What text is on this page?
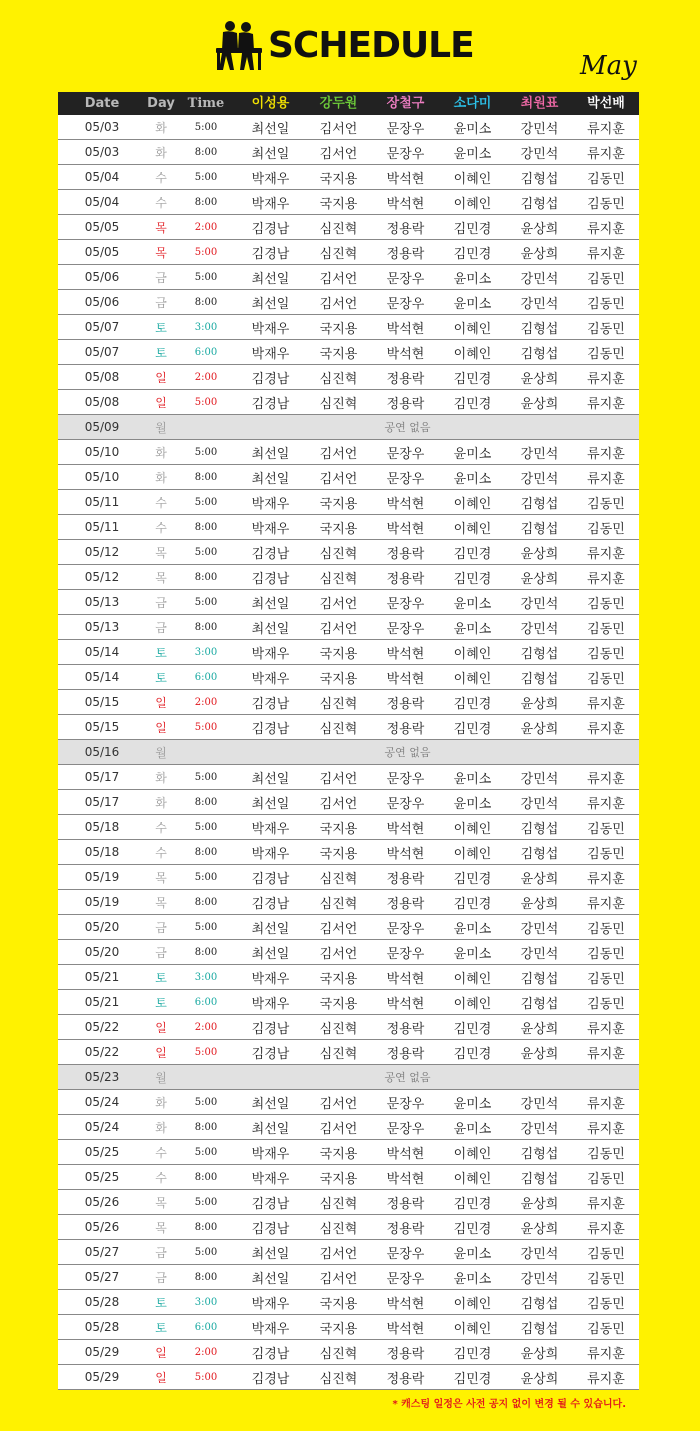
SCHEDULE	May
Date	Day Time	이성용	강두원	장철구	소다미	최원표	박선배
05/03	화	5:00	최선일	김서언	문장우	윤미소	강민석	류지훈
05/03	화	8:00	최선일	김서언	문장우	윤미소	강민석	류지훈
05/04	수	5:00	박재우	국지용	박석현	이혜인	김형섭	김동민
05/04	수	8:00	박재우	국지용	박석현	이혜인	김형섭	김동민
05/05	목	2:00	김경남	심진혁	정용락	김민경	윤상희	류지훈
05/05	목	5:00	김경남	심진혁	정용락	김민경	윤상희	류지훈
05/06	금	5:00	최선일	김서언	문장우	윤미소	강민석	김동민
05/06	금	8:00	최선일	김서언	문장우	윤미소	강민석	김동민
05/07	토	3:00	박재우	국지용	박석현	이혜인	김형섭	김동민
05/07	토	6:00	박재우	국지용	박석현	이혜인	김형섭	김동민
05/08	일	2:00	김경남	심진혁	정용락	김민경	윤상희	류지훈
05/08	일	5:00	김경남	심진혁	정용락	김민경	윤상희	류지훈
05/09	월	공연 없음
05/10	화	5:00	최선일	김서언	문장우	윤미소	강민석	류지훈
05/10	화	8:00	최선일	김서언	문장우	윤미소	강민석	류지훈
05/11	수	5:00	박재우	국지용	박석현	이혜인	김형섭	김동민
05/11	수	8:00	박재우	국지용	박석현	이혜인	김형섭	김동민
05/12	목	5:00	김경남	심진혁	정용락	김민경	윤상희	류지훈
05/12	목	8:00	김경남	심진혁	정용락	김민경	윤상희	류지훈
05/13	금	5:00	최선일	김서언	문장우	윤미소	강민석	김동민
05/13	금	8:00	최선일	김서언	문장우	윤미소	강민석	김동민
05/14	토	3:00	박재우	국지용	박석현	이혜인	김형섭	김동민
05/14	토	6:00	박재우	국지용	박석현	이혜인	김형섭	김동민
05/15	일	2:00	김경남	심진혁	정용락	김민경	윤상희	류지훈
05/15	일	5:00	김경남	심진혁	정용락	김민경	윤상희	류지훈
05/16	월	공연 없음
05/17	화	5:00	최선일	김서언	문장우	윤미소	강민석	류지훈
05/17	화	8:00	최선일	김서언	문장우	윤미소	강민석	류지훈
05/18	수	5:00	박재우	국지용	박석현	이혜인	김형섭	김동민
05/18	수	8:00	박재우	국지용	박석현	이혜인	김형섭	김동민
05/19	목	5:00	김경남	심진혁	정용락	김민경	윤상희	류지훈
05/19	목	8:00	김경남	심진혁	정용락	김민경	윤상희	류지훈
05/20	금	5:00	최선일	김서언	문장우	윤미소	강민석	김동민
05/20	금	8:00	최선일	김서언	문장우	윤미소	강민석	김동민
05/21	토	3:00	박재우	국지용	박석현	이혜인	김형섭	김동민
05/21	토	6:00	박재우	국지용	박석현	이혜인	김형섭	김동민
05/22	일	2:00	김경남	심진혁	정용락	김민경	윤상희	류지훈
05/22	일	5:00	김경남	심진혁	정용락	김민경	윤상희	류지훈
05/23	월	공연 없음
05/24	화	5:00	최선일	김서언	문장우	윤미소	강민석	류지훈
05/24	화	8:00	최선일	김서언	문장우	윤미소	강민석	류지훈
05/25	수	5:00	박재우	국지용	박석현	이혜인	김형섭	김동민
05/25	수	8:00	박재우	국지용	박석현	이혜인	김형섭	김동민
05/26	목	5:00	김경남	심진혁	정용락	김민경	윤상희	류지훈
05/26	목	8:00	김경남	심진혁	정용락	김민경	윤상희	류지훈
05/27	금	5:00	최선일	김서언	문장우	윤미소	강민석	김동민
05/27	금	8:00	최선일	김서언	문장우	윤미소	강민석	김동민
05/28	토	3:00	박재우	국지용	박석현	이혜인	김형섭	김동민
05/28	토	6:00	박재우	국지용	박석현	이혜인	김형섭	김동민
05/29	일	2:00	김경남	심진혁	정용락	김민경	윤상희	류지훈
05/29	일	5:00	김경남	심진혁	정용락	김민경	윤상희	류지훈
* 캐스팅 일정은 사전 공지 없이 변경 될 수 있습니다.
